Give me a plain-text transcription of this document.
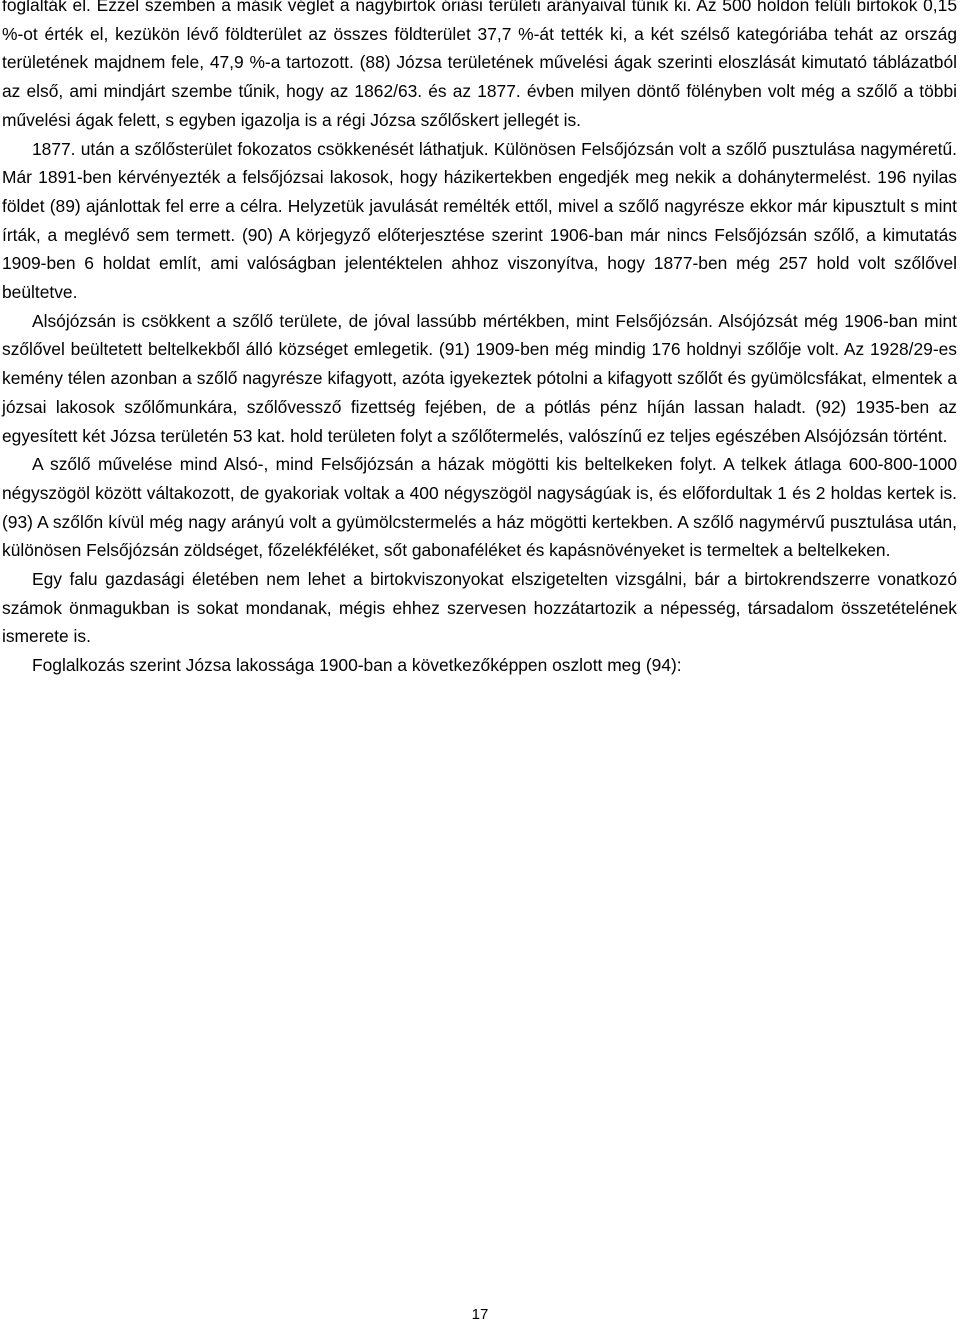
foglalták el. Ezzel szemben a másik véglet a nagybirtok óriási területi arányaival tűnik ki. Az 500 holdon felüli birtokok 0,15 %-ot érték el, kezükön lévő földterület az összes földterület 37,7 %-át tették ki, a két szélső kategóriába tehát az ország területének majdnem fele, 47,9 %-a tartozott. (88) Józsa területének művelési ágak szerinti eloszlását kimutató táblázatból az első, ami mindjárt szembe tűnik, hogy az 1862/63. és az 1877. évben milyen döntő fölényben volt még a szőlő a többi művelési ágak felett, s egyben igazolja is a régi Józsa szőlőskert jellegét is.

1877. után a szőlősterület fokozatos csökkenését láthatjuk. Különösen Felsőjózsán volt a szőlő pusztulása nagyméretű. Már 1891-ben kérvényezték a felsőjózsai lakosok, hogy házikertekben engedjék meg nekik a dohánytermelést. 196 nyilas földet (89) ajánlottak fel erre a célra. Helyzetük javulását remélték ettől, mivel a szőlő nagyrésze ekkor már kipusztult s mint írták, a meglévő sem termett. (90) A körjegyző előterjesztése szerint 1906-ban már nincs Felsőjózsán szőlő, a kimutatás 1909-ben 6 holdat említ, ami valóságban jelentéktelen ahhoz viszonyítva, hogy 1877-ben még 257 hold volt szőlővel beültetve.

Alsójózsán is csökkent a szőlő területe, de jóval lassúbb mértékben, mint Felsőjózsán. Alsójózsát még 1906-ban mint szőlővel beültetett beltelkekből álló községet emlegetik. (91) 1909-ben még mindig 176 holdnyi szőlője volt. Az 1928/29-es kemény télen azonban a szőlő nagyrésze kifagyott, azóta igyekeztek pótolni a kifagyott szőlőt és gyümölcsfákat, elmentek a józsai lakosok szőlőmunkára, szőlővessző fizettség fejében, de a pótlás pénz híján lassan haladt. (92) 1935-ben az egyesített két Józsa területén 53 kat. hold területen folyt a szőlőtermelés, valószínű ez teljes egészében Alsójózsán történt.

A szőlő művelése mind Alsó-, mind Felsőjózsán a házak mögötti kis beltelkeken folyt. A telkek átlaga 600-800-1000 négyszögöl között váltakozott, de gyakoriak voltak a 400 négyszögöl nagyságúak is, és előfordultak 1 és 2 holdas kertek is. (93) A szőlőn kívül még nagy arányú volt a gyümölcstermelés a ház mögötti kertekben. A szőlő nagymérvű pusztulása után, különösen Felsőjózsán zöldséget, főzelékféléket, sőt gabonaféléket és kapásnövényeket is termeltek a beltelkeken.

Egy falu gazdasági életében nem lehet a birtokviszonyokat elszigetelten vizsgálni, bár a birtokrendszerre vonatkozó számok önmagukban is sokat mondanak, mégis ehhez szervesen hozzátartozik a népesség, társadalom összetételének ismerete is.

Foglalkozás szerint Józsa lakossága 1900-ban a következőképpen oszlott meg (94):

17
